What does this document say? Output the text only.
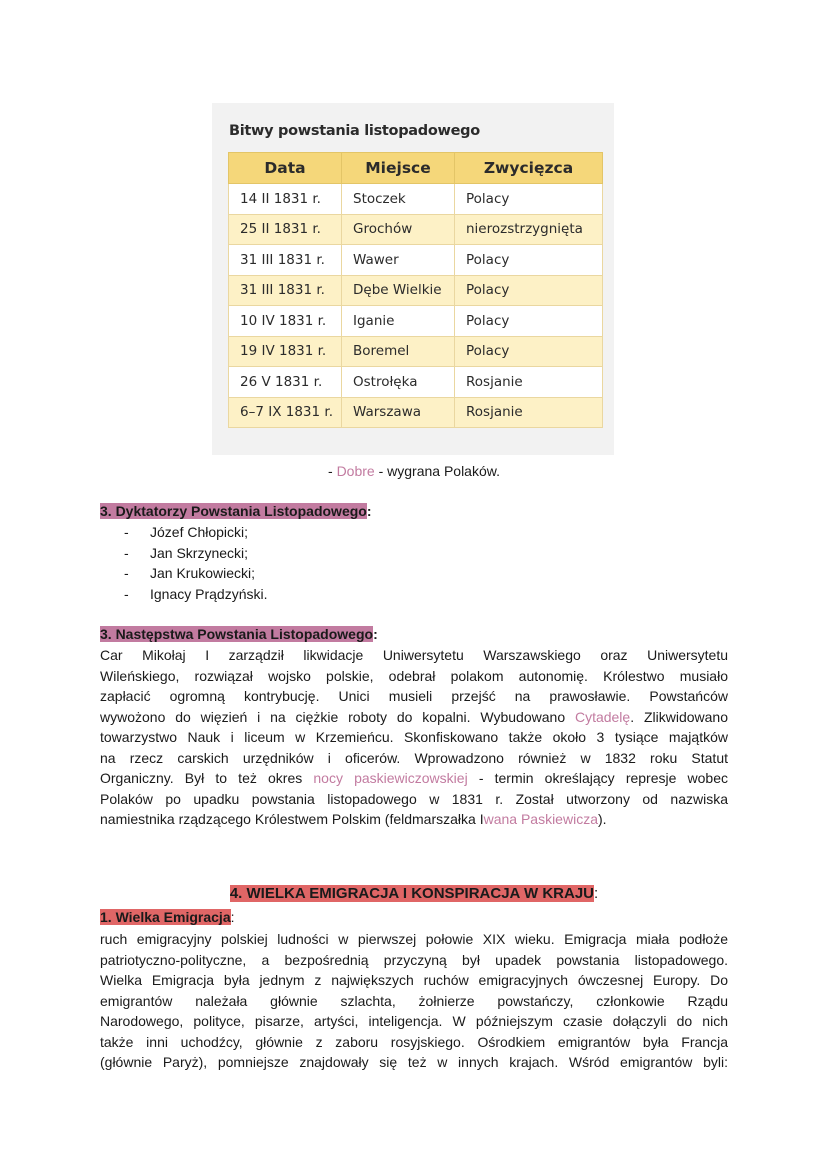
Bitwy powstania listopadowego
Data	Miejsce	Zwycięzca
14 II 1831 r.	Stoczek	Polacy
25 II 1831 r.	Grochów	nierozstrzygnięta
31 III 1831 r.	Wawer	Polacy
31 III 1831 r.	Dębe Wielkie	Polacy
10 IV 1831 r.	Iganie	Polacy
19 IV 1831 r.	Boremel	Polacy
26 V 1831 r.	Ostrołęka	Rosjanie
6–7 IX 1831 r.	Warszawa	Rosjanie
- Dobre - wygrana Polaków.
3. Dyktatorzy Powstania Listopadowego:
- Józef Chłopicki;
- Jan Skrzynecki;
- Jan Krukowiecki;
- Ignacy Prądzyński.
3. Następstwa Powstania Listopadowego:
Car Mikołaj I zarządził likwidacje Uniwersytetu Warszawskiego oraz Uniwersytetu
Wileńskiego, rozwiązał wojsko polskie, odebrał polakom autonomię. Królestwo musiało
zapłacić ogromną kontrybucję. Unici musieli przejść na prawosławie. Powstańców
wywożono do więzień i na ciężkie roboty do kopalni. Wybudowano Cytadelę. Zlikwidowano
towarzystwo Nauk i liceum w Krzemieńcu. Skonfiskowano także około 3 tysiące majątków
na rzecz carskich urzędników i oficerów. Wprowadzono również w 1832 roku Statut
Organiczny. Był to też okres nocy paskiewiczowskiej - termin określający represje wobec
Polaków po upadku powstania listopadowego w 1831 r. Został utworzony od nazwiska
namiestnika rządzącego Królestwem Polskim (feldmarszałka Iwana Paskiewicza).
4. WIELKA EMIGRACJA I KONSPIRACJA W KRAJU:
1. Wielka Emigracja:
ruch emigracyjny polskiej ludności w pierwszej połowie XIX wieku. Emigracja miała podłoże
patriotyczno-polityczne, a bezpośrednią przyczyną był upadek powstania listopadowego.
Wielka Emigracja była jednym z największych ruchów emigracyjnych ówczesnej Europy. Do
emigrantów należała głównie szlachta, żołnierze powstańczy, członkowie Rządu
Narodowego, polityce, pisarze, artyści, inteligencja. W późniejszym czasie dołączyli do nich
także inni uchodźcy, głównie z zaboru rosyjskiego. Ośrodkiem emigrantów była Francja
(głównie Paryż), pomniejsze znajdowały się też w innych krajach. Wśród emigrantów byli:
